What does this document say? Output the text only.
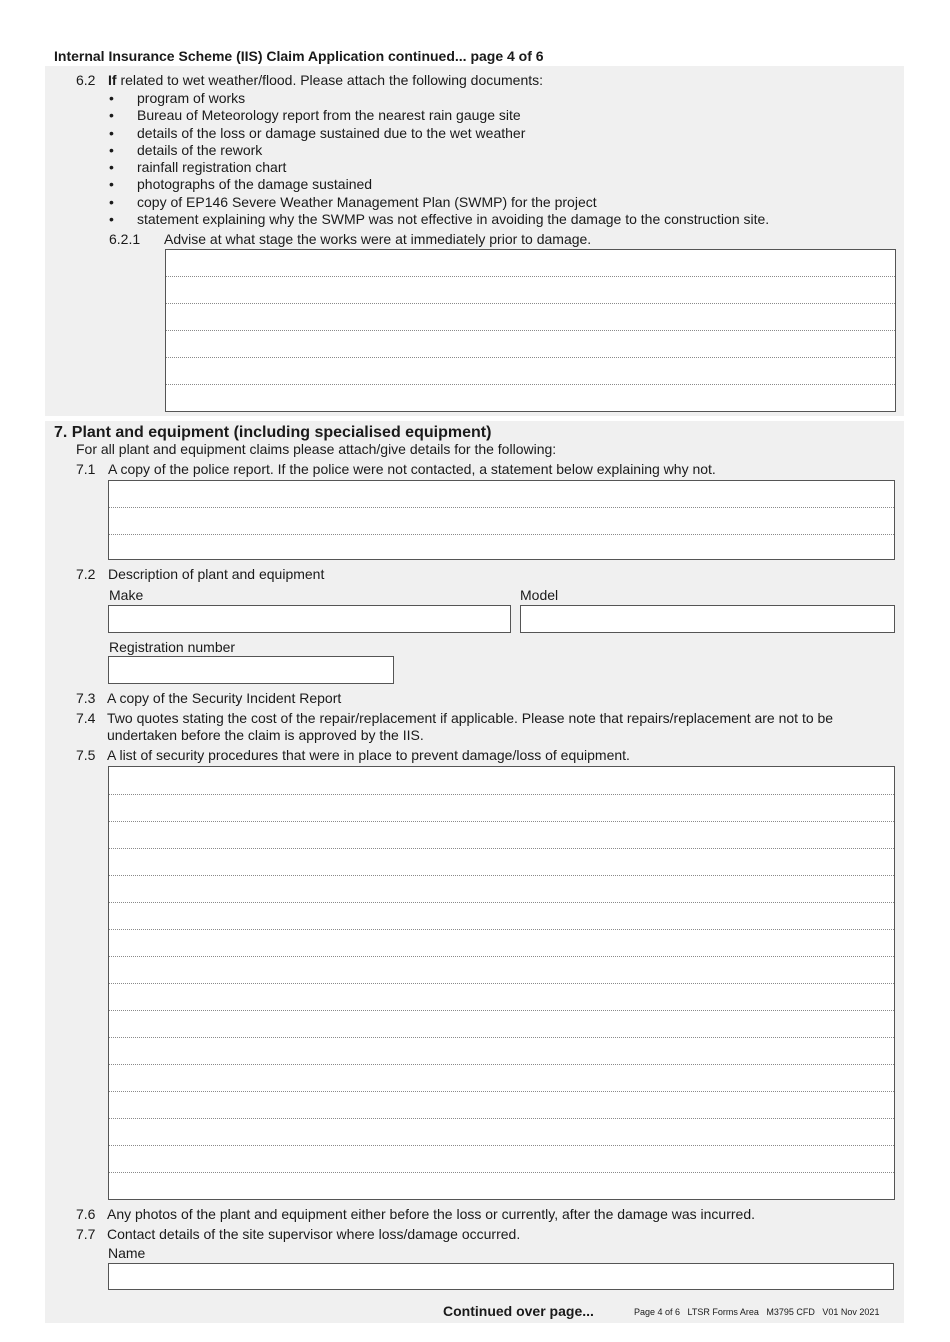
Internal Insurance Scheme (IIS) Claim Application continued... page 4 of 6
6.2 If related to wet weather/flood. Please attach the following documents:
• program of works
• Bureau of Meteorology report from the nearest rain gauge site
• details of the loss or damage sustained due to the wet weather
• details of the rework
• rainfall registration chart
• photographs of the damage sustained
• copy of EP146 Severe Weather Management Plan (SWMP) for the project
• statement explaining why the SWMP was not effective in avoiding the damage to the construction site.
6.2.1 Advise at what stage the works were at immediately prior to damage.
7. Plant and equipment (including specialised equipment)
For all plant and equipment claims please attach/give details for the following:
7.1 A copy of the police report. If the police were not contacted, a statement below explaining why not.
7.2 Description of plant and equipment
Make	Model
Registration number
7.3 A copy of the Security Incident Report
7.4 Two quotes stating the cost of the repair/replacement if applicable. Please note that repairs/replacement are not to be
undertaken before the claim is approved by the IIS.
7.5 A list of security procedures that were in place to prevent damage/loss of equipment.
7.6 Any photos of the plant and equipment either before the loss or currently, after the damage was incurred.
7.7 Contact details of the site supervisor where loss/damage occurred.
Name
Continued over page...	Page 4 of 6   LTSR Forms Area   M3795 CFD   V01 Nov 2021
